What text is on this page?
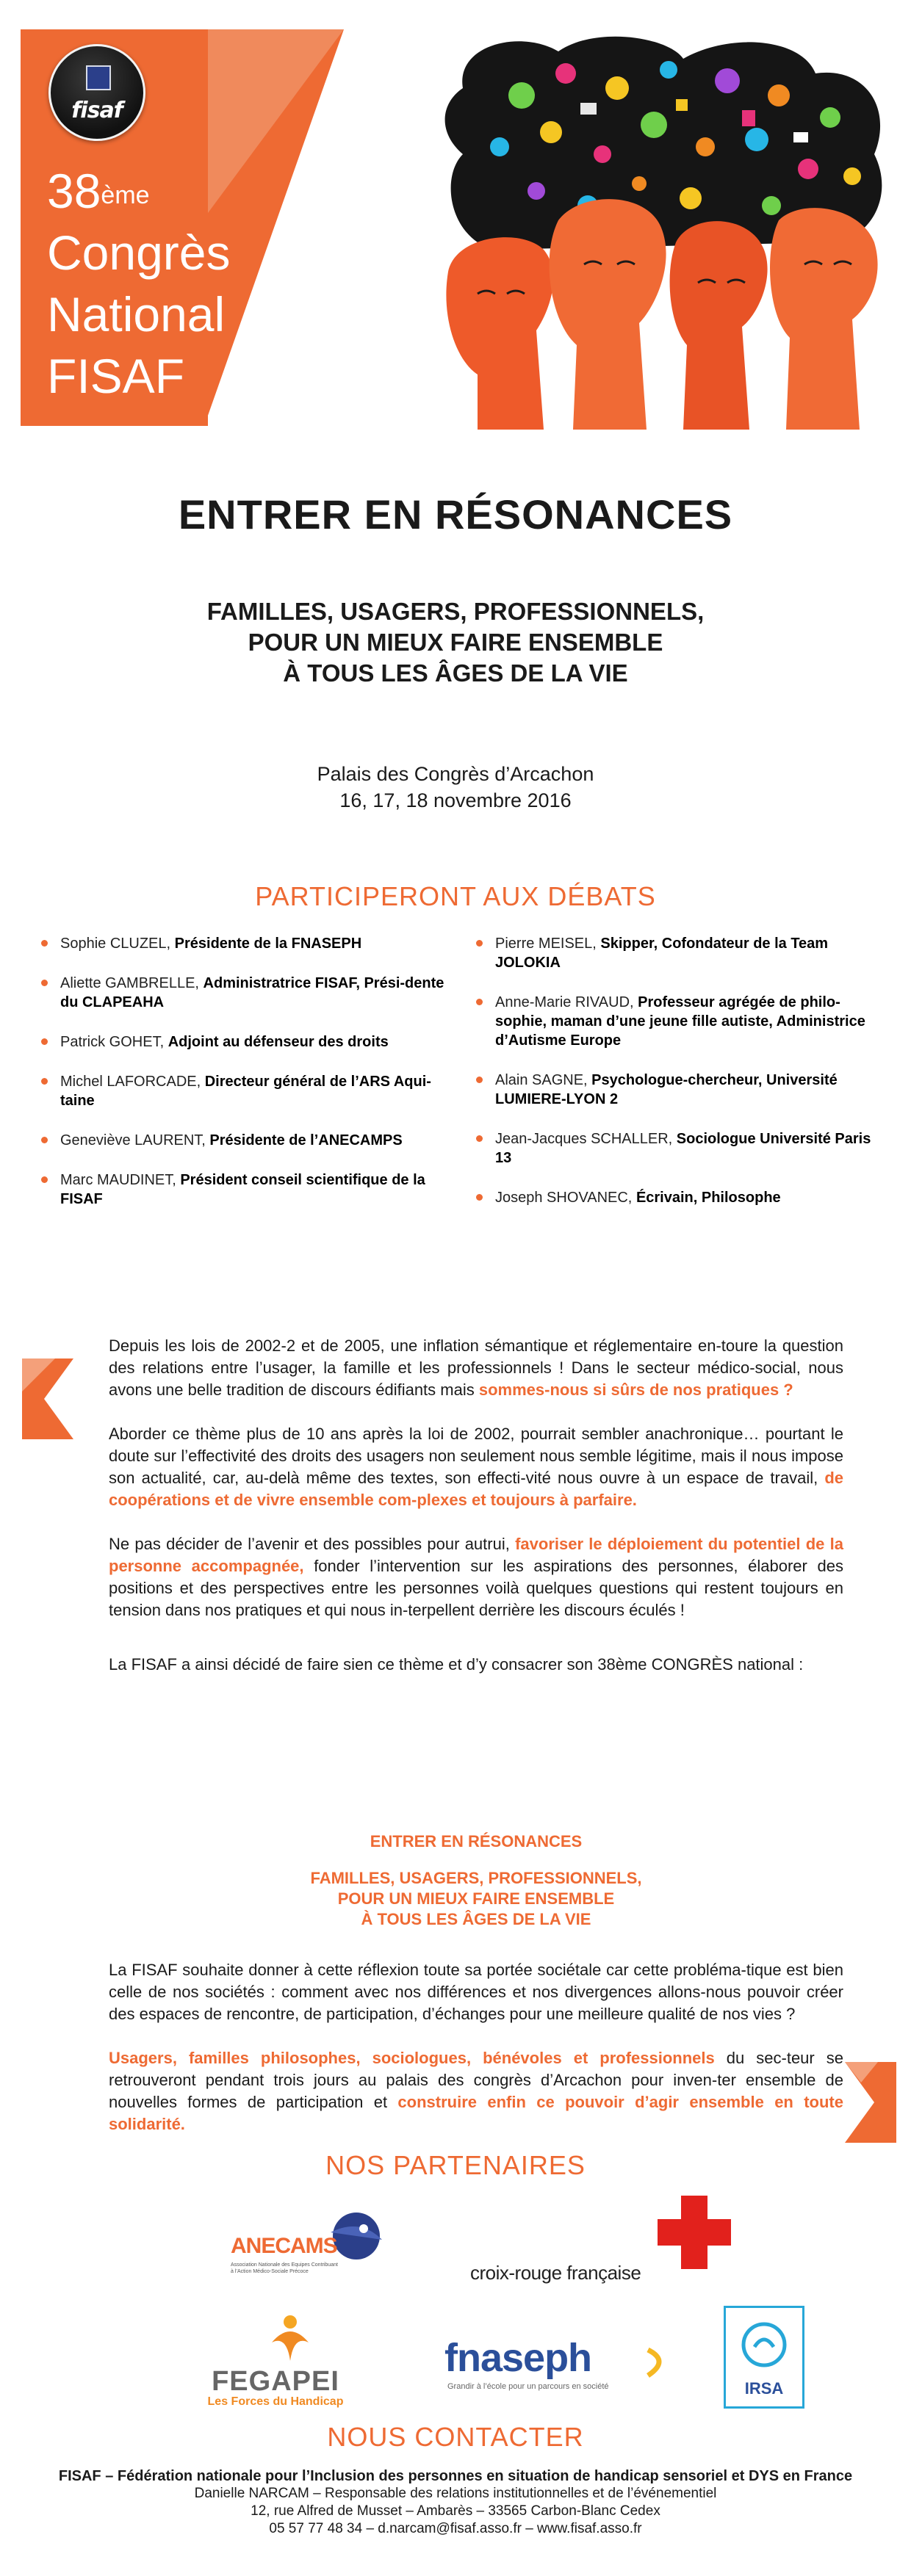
fisaf
38ème
Congrès
National
FISAF
ENTRER EN RÉSONANCES
FAMILLES, USAGERS, PROFESSIONNELS,
POUR UN MIEUX FAIRE ENSEMBLE
À TOUS LES ÂGES DE LA VIE
Palais des Congrès d’Arcachon
16, 17, 18 novembre 2016
PARTICIPERONT AUX DÉBATS
Sophie CLUZEL, Présidente de la FNASEPH
Aliette GAMBRELLE, Administratrice FISAF, Prési-dente du CLAPEAHA
Patrick GOHET, Adjoint au défenseur des droits
Michel LAFORCADE, Directeur général de l’ARS Aqui-taine
Geneviève LAURENT, Présidente de l’ANECAMPS
Marc MAUDINET, Président conseil scientifique de la FISAF
Pierre MEISEL, Skipper, Cofondateur de la Team JOLOKIA
Anne-Marie RIVAUD, Professeur agrégée de philo-sophie, maman d’une jeune fille autiste, Administrice d’Autisme Europe
Alain SAGNE, Psychologue-chercheur, Université LUMIERE-LYON 2
Jean-Jacques SCHALLER, Sociologue Université Paris 13
Joseph SHOVANEC, Écrivain, Philosophe

Depuis les lois de 2002-2 et de 2005, une inflation sémantique et réglementaire en-toure la question des relations entre l’usager, la famille et les professionnels ! Dans le secteur médico-social, nous avons une belle tradition de discours édifiants mais sommes-nous si sûrs de nos pratiques ?

Aborder ce thème plus de 10 ans après la loi de 2002, pourrait sembler anachronique… pourtant le doute sur l’effectivité des droits des usagers non seulement nous semble légitime, mais il nous impose son actualité, car, au-delà même des textes, son effecti-vité nous ouvre à un espace de travail, de coopérations et de vivre ensemble com-plexes et toujours à parfaire.

Ne pas décider de l’avenir et des possibles pour autrui, favoriser le déploiement du potentiel de la personne accompagnée, fonder l’intervention sur les aspirations des personnes, élaborer des positions et des perspectives entre les personnes voilà quelques questions qui restent toujours en tension dans nos pratiques et qui nous in-terpellent derrière les discours éculés !

La FISAF a ainsi décidé de faire sien ce thème et d’y consacrer son 38ème CONGRÈS national :

ENTRER EN RÉSONANCES
FAMILLES, USAGERS, PROFESSIONNELS,
POUR UN MIEUX FAIRE ENSEMBLE
À TOUS LES ÂGES DE LA VIE

La FISAF souhaite donner à cette réflexion toute sa portée sociétale car cette probléma-tique est bien celle de nos sociétés : comment avec nos différences et nos divergences allons-nous pouvoir créer des espaces de rencontre, de participation, d’échanges pour une meilleure qualité de nos vies ?

Usagers, familles philosophes, sociologues, bénévoles et professionnels du sec-teur se retrouveront pendant trois jours au palais des congrès d’Arcachon pour inven-ter ensemble de nouvelles formes de participation et construire enfin ce pouvoir d’agir ensemble en toute solidarité.

NOS PARTENAIRES
ANECAMS
Association Nationale des Equipes Contribuant à l’Action Médico-Sociale Précoce	croix-rouge française
FEGAPEI
Les Forces du Handicap
fnaseph
Grandir à l’école pour un parcours en société	IRSA
NOUS CONTACTER
FISAF – Fédération nationale pour l’Inclusion des personnes en situation de handicap sensoriel et DYS en France
Danielle NARCAM – Responsable des relations institutionnelles et de l’événementiel
12, rue Alfred de Musset – Ambarès – 33565 Carbon-Blanc Cedex
05 57 77 48 34 – d.narcam@fisaf.asso.fr – www.fisaf.asso.fr
